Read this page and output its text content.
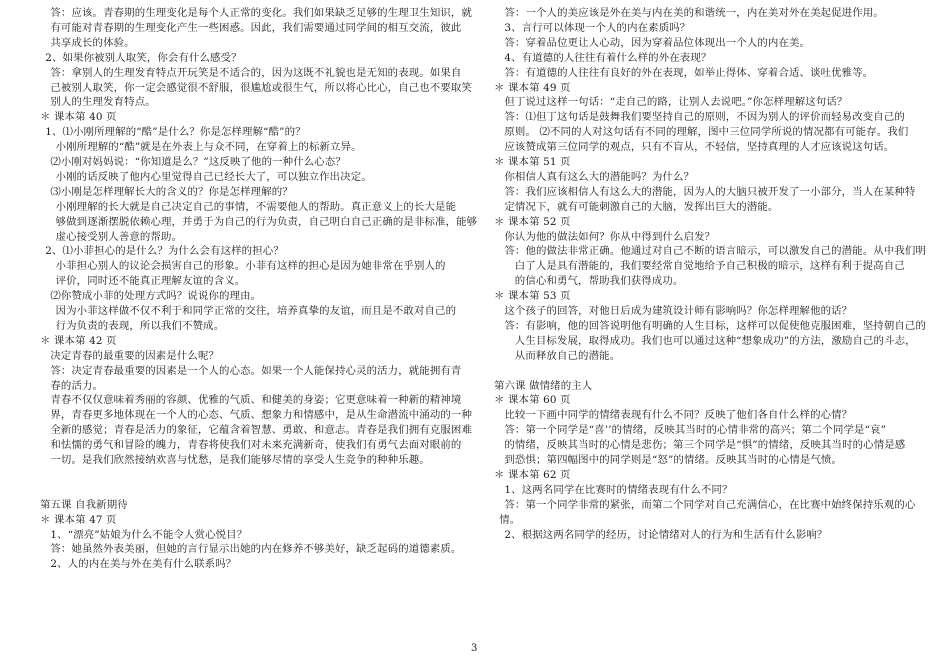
答：应该。青春期的生理变化是每个人正常的变化。我们如果缺乏足够的生理卫生知识，就
有可能对青春期的生理变化产生一些困惑。因此，我们需要通过同学间的相互交流，彼此
共享成长的体验。
2、如果你被别人取笑，你会有什么感受？
答：拿别人的生理发育特点开玩笑是不适合的，因为这既不礼貌也是无知的表现。如果自
己被别人取笑，你一定会感觉很不舒服，很尴尬或很生气，所以将心比心，自己也不要取笑
别人的生理发育特点。
＊ 课本第 40 页
1、⑴小刚所理解的“酷”是什么？你是怎样理解“酷”的？
小刚所理解的“酷”就是在外表上与众不同，在穿着上的标新立异。
⑵小刚对妈妈说：“你知道是么？”这反映了他的一种什么心态？
小刚的话反映了他内心里觉得自己已经长大了，可以独立作出决定。
⑶小刚是怎样理解长大的含义的？你是怎样理解的？
小刚理解的长大就是自己决定自己的事情，不需要他人的帮助。真正意义上的长大是能
够做到逐渐摆脱依赖心理，并勇于为自己的行为负责，自己明白自己正确的是非标准，能够
虚心接受别人善意的帮助。
2、⑴小菲担心的是什么？为什么会有这样的担心？
小菲担心别人的议论会损害自己的形象。小菲有这样的担心是因为她非常在乎别人的
评价，同时还不能真正理解友谊的含义。
⑵你赞成小菲的处理方式吗？说说你的理由。
因为小菲这样做不仅不利于和同学正常的交往，培养真挚的友谊，而且是不敢对自己的
行为负责的表现，所以我们不赞成。
＊ 课本第 42 页
决定青春的最重要的因素是什么呢？
答：决定青春最重要的因素是一个人的心态。如果一个人能保持心灵的活力，就能拥有青
春的活力。
青春不仅仅意味着秀丽的容颜、优雅的气质、和健美的身姿；它更意味着一种新的精神境
界，青春更多地体现在一个人的心态、气质、想象力和情感中，是从生命潜流中涌动的一种
全新的感觉；青春是活力的象征，它蕴含着智慧、勇敢、和意志。青春是我们拥有克服困难
和怯懦的勇气和冒险的魄力，青春将使我们对未来充满新奇，使我们有勇气去面对眼前的
一切。是我们欣然接纳欢喜与忧愁，是我们能够尽情的享受人生竞争的种种乐趣。
第五课 自我新期待
＊ 课本第 47 页
1、“漂亮”姑娘为什么不能令人赏心悦目？
答：她虽然外表美丽，但她的言行显示出她的内在修养不够美好，缺乏起码的道德素质。
2、人的内在美与外在美有什么联系吗？
答：一个人的美应该是外在美与内在美的和谐统一，内在美对外在美起促进作用。
3、言行可以体现一个人的内在素质吗？
答：穿着品位更让人心动，因为穿着品位体现出一个人的内在美。
4、有道德的人往往有着什么样的外在表现？
答：有道德的人往往有良好的外在表现，如举止得体、穿着合适、谈吐优雅等。
＊ 课本第 49 页
但丁说过这样一句话：“走自己的路，让别人去说吧。”你怎样理解这句话？
答：⑴但丁这句话是鼓舞我们要坚持自己的原则，不因为别人的评价而轻易改变自己的
原则。 ⑵不同的人对这句话有不同的理解，图中三位同学所说的情况都有可能存。我们
应该赞成第三位同学的观点，只有不盲从，不轻信，坚持真理的人才应该说这句话。
＊ 课本第 51 页
你相信人真有这么大的潜能吗？为什么？
答：我们应该相信人有这么大的潜能，因为人的大脑只被开发了一小部分，当人在某种特
定情况下，就有可能刺激自己的大脑，发挥出巨大的潜能。
＊ 课本第 52 页
你认为他的做法如何？你从中得到什么启发？
答：他的做法非常正确。他通过对自己不断的语言暗示，可以激发自己的潜能。从中我们明
白了人是具有潜能的，我们要经常自觉地给予自己积极的暗示，这样有利于提高自己
的信心和勇气，帮助我们获得成功。
＊ 课本第 53 页
这个孩子的回答，对他日后成为建筑设计师有影响吗？你怎样理解他的话？
答：有影响，他的回答说明他有明确的人生目标，这样可以促使他克服困难，坚持朝自己的
人生目标发展，取得成功。我们也可以通过这种“想象成功”的方法，激励自己的斗志，
从而释放自己的潜能。
第六课 做情绪的主人
＊ 课本第 60 页
比较一下画中同学的情绪表现有什么不同？反映了他们各自什么样的心情？
答：第一个同学是“喜’’的情绪，反映其当时的心情非常的高兴；第二个同学是“哀”
的情绪，反映其当时的心情是悲伤；第三个同学是“惧”的情绪，反映其当时的心情是感
到恐惧；第四幅图中的同学则是“怒”的情绪。反映其当时的心情是气愤。
＊ 课本第 62 页
1、这两名同学在比赛时的情绪表现有什么不同？
答：第一个同学非常的紧张，而第二个同学对自己充满信心，在比赛中始终保持乐观的心
情。
2、根据这两名同学的经历，讨论情绪对人的行为和生活有什么影响？
3
